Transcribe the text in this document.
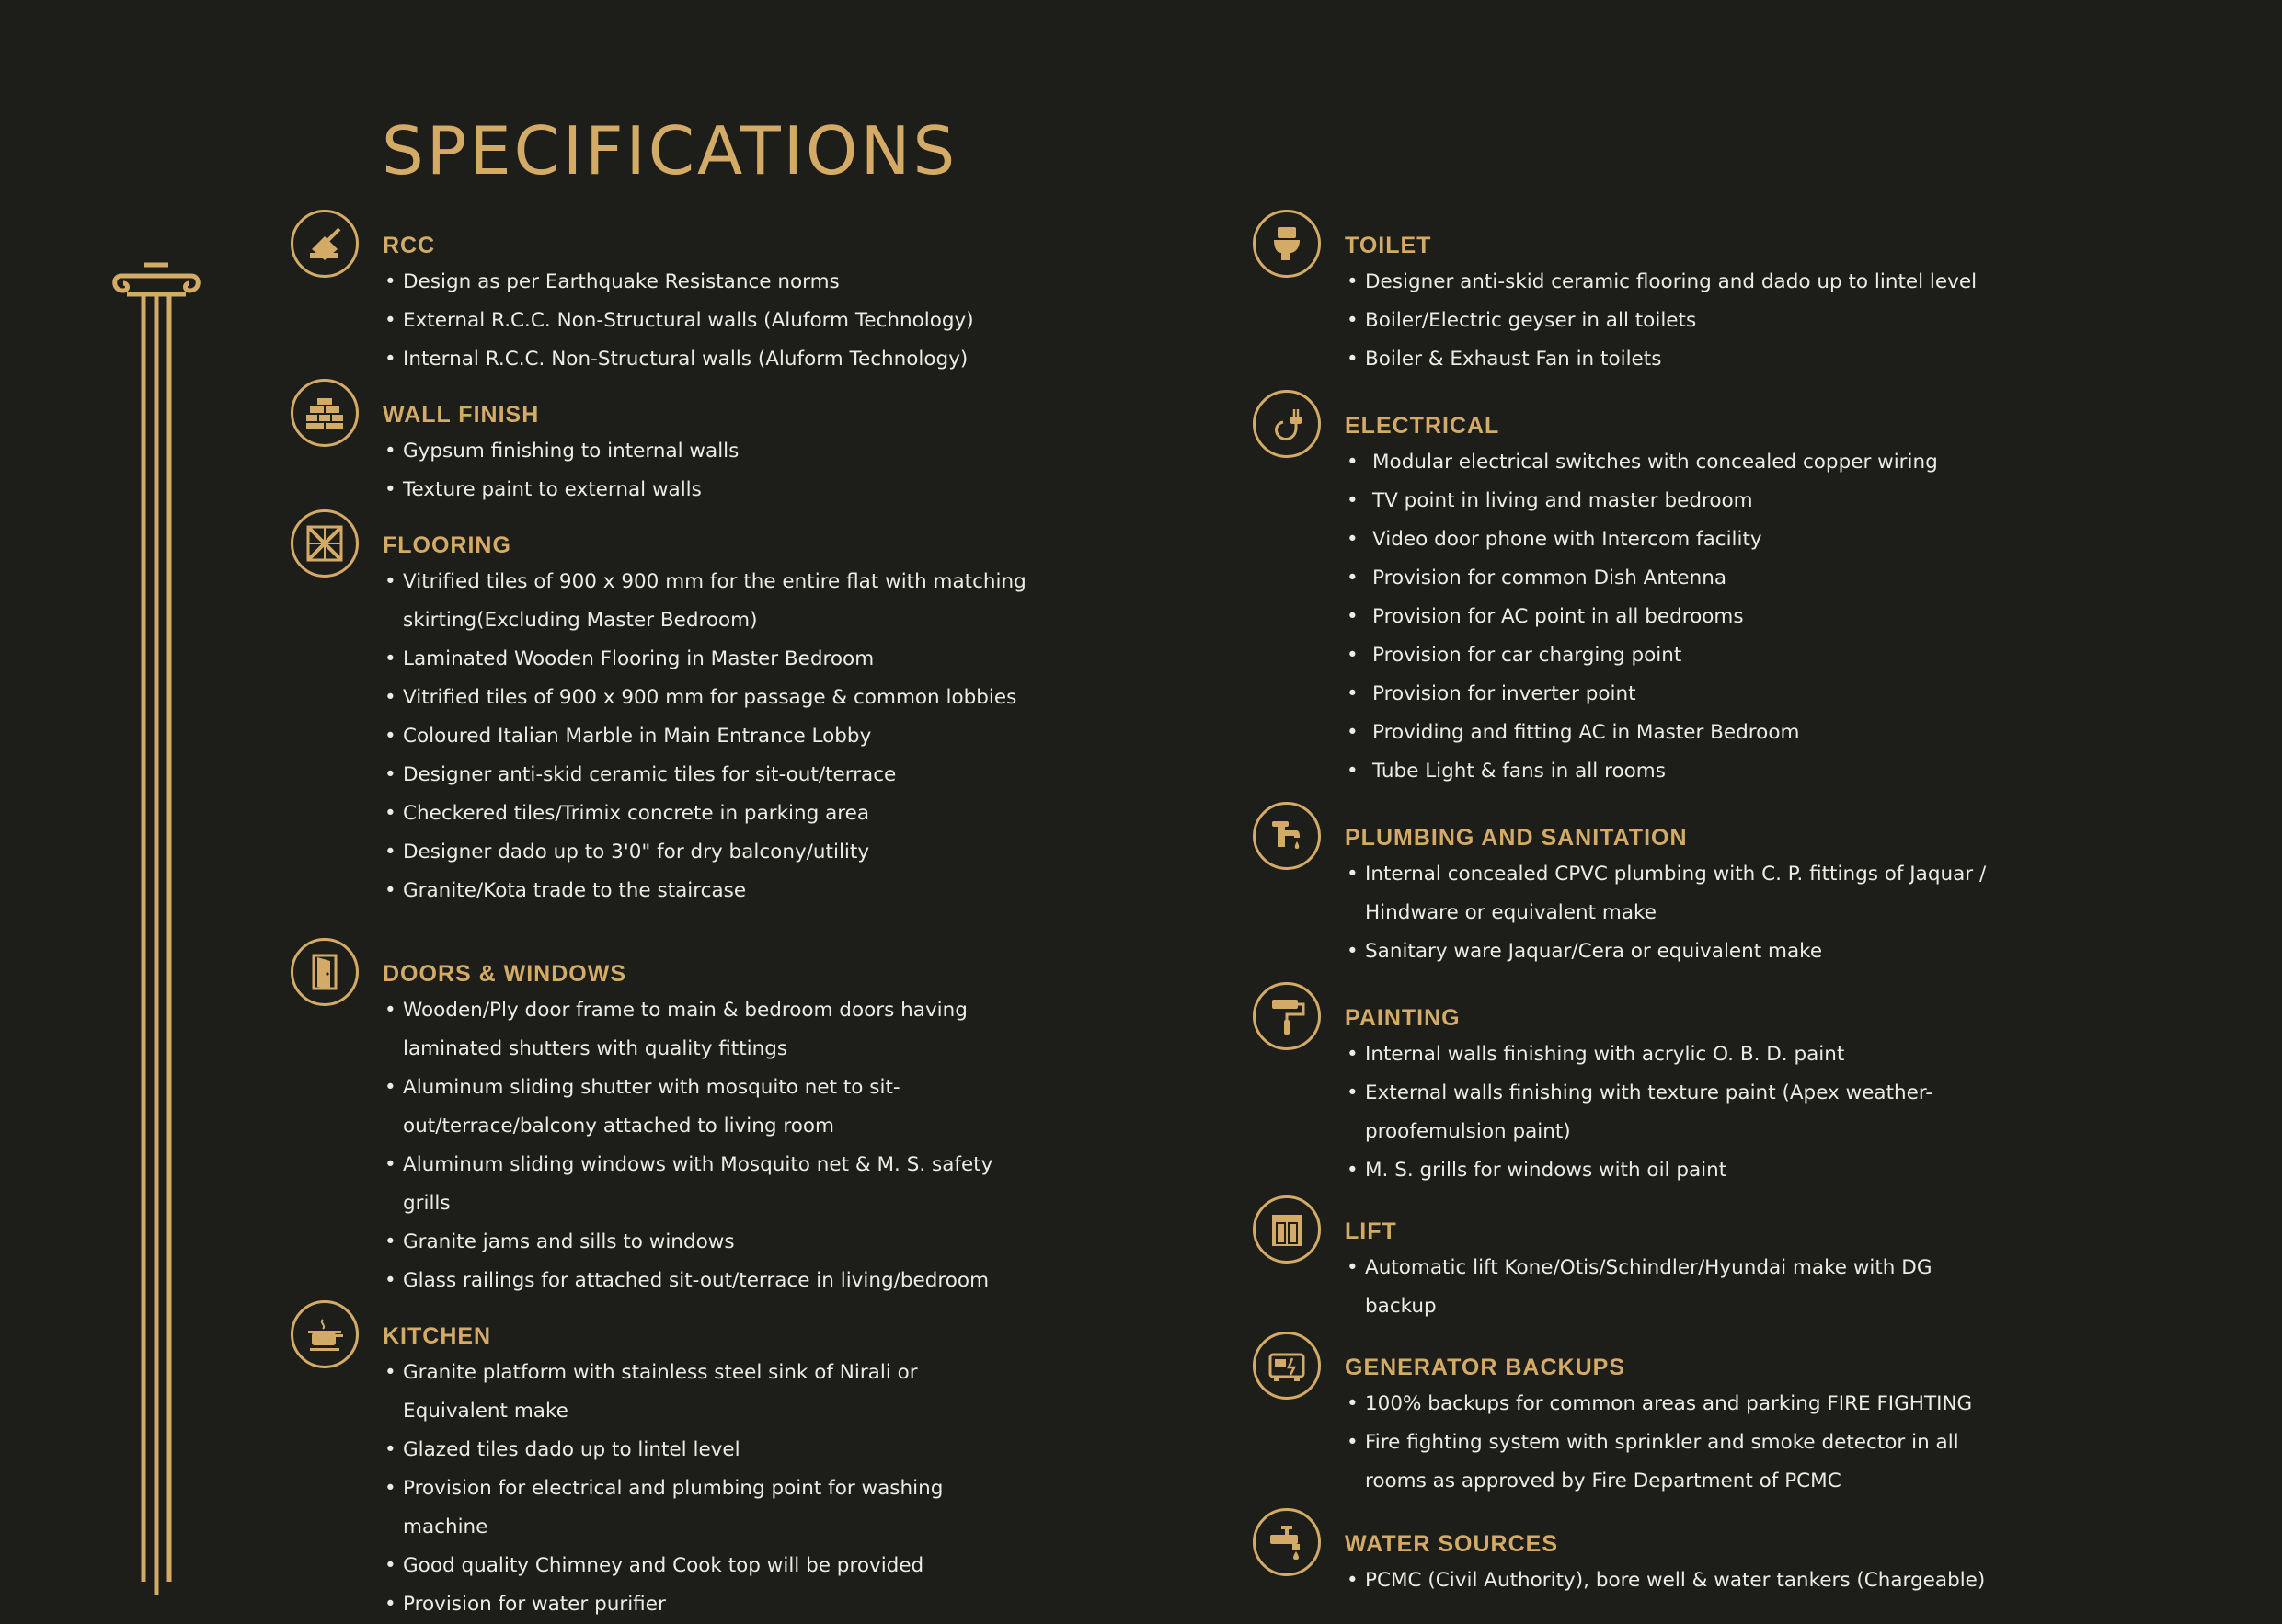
SPECIFICATIONS
RCC
• Design as per Earthquake Resistance norms
• External R.C.C. Non-Structural walls (Aluform Technology)
• Internal R.C.C. Non-Structural walls (Aluform Technology)
WALL FINISH
• Gypsum finishing to internal walls
• Texture paint to external walls
FLOORING
• Vitrified tiles of 900 x 900 mm for the entire flat with matching skirting(Excluding Master Bedroom)
• Laminated Wooden Flooring in Master Bedroom
• Vitrified tiles of 900 x 900 mm for passage & common lobbies
• Coloured Italian Marble in Main Entrance Lobby
• Designer anti-skid ceramic tiles for sit-out/terrace
• Checkered tiles/Trimix concrete in parking area
• Designer dado up to 3'0" for dry balcony/utility
• Granite/Kota trade to the staircase
DOORS & WINDOWS
• Wooden/Ply door frame to main & bedroom doors having laminated shutters with quality fittings
• Aluminum sliding shutter with mosquito net to sit-out/terrace/balcony attached to living room
• Aluminum sliding windows with Mosquito net & M. S. safety grills
• Granite jams and sills to windows
• Glass railings for attached sit-out/terrace in living/bedroom
KITCHEN
• Granite platform with stainless steel sink of Nirali or Equivalent make
• Glazed tiles dado up to lintel level
• Provision for electrical and plumbing point for washing machine
• Good quality Chimney and Cook top will be provided
• Provision for water purifier
TOILET
• Designer anti-skid ceramic flooring and dado up to lintel level
• Boiler/Electric geyser in all toilets
• Boiler & Exhaust Fan in toilets
ELECTRICAL
• Modular electrical switches with concealed copper wiring
• TV point in living and master bedroom
• Video door phone with Intercom facility
• Provision for common Dish Antenna
• Provision for AC point in all bedrooms
• Provision for car charging point
• Provision for inverter point
• Providing and fitting AC in Master Bedroom
• Tube Light & fans in all rooms
PLUMBING AND SANITATION
• Internal concealed CPVC plumbing with C. P. fittings of Jaquar / Hindware or equivalent make
• Sanitary ware Jaquar/Cera or equivalent make
PAINTING
• Internal walls finishing with acrylic O. B. D. paint
• External walls finishing with texture paint (Apex weather-proofemulsion paint)
• M. S. grills for windows with oil paint
LIFT
• Automatic lift Kone/Otis/Schindler/Hyundai make with DG backup
GENERATOR BACKUPS
• 100% backups for common areas and parking FIRE FIGHTING
• Fire fighting system with sprinkler and smoke detector in all rooms as approved by Fire Department of PCMC
WATER SOURCES
• PCMC (Civil Authority), bore well & water tankers (Chargeable)
